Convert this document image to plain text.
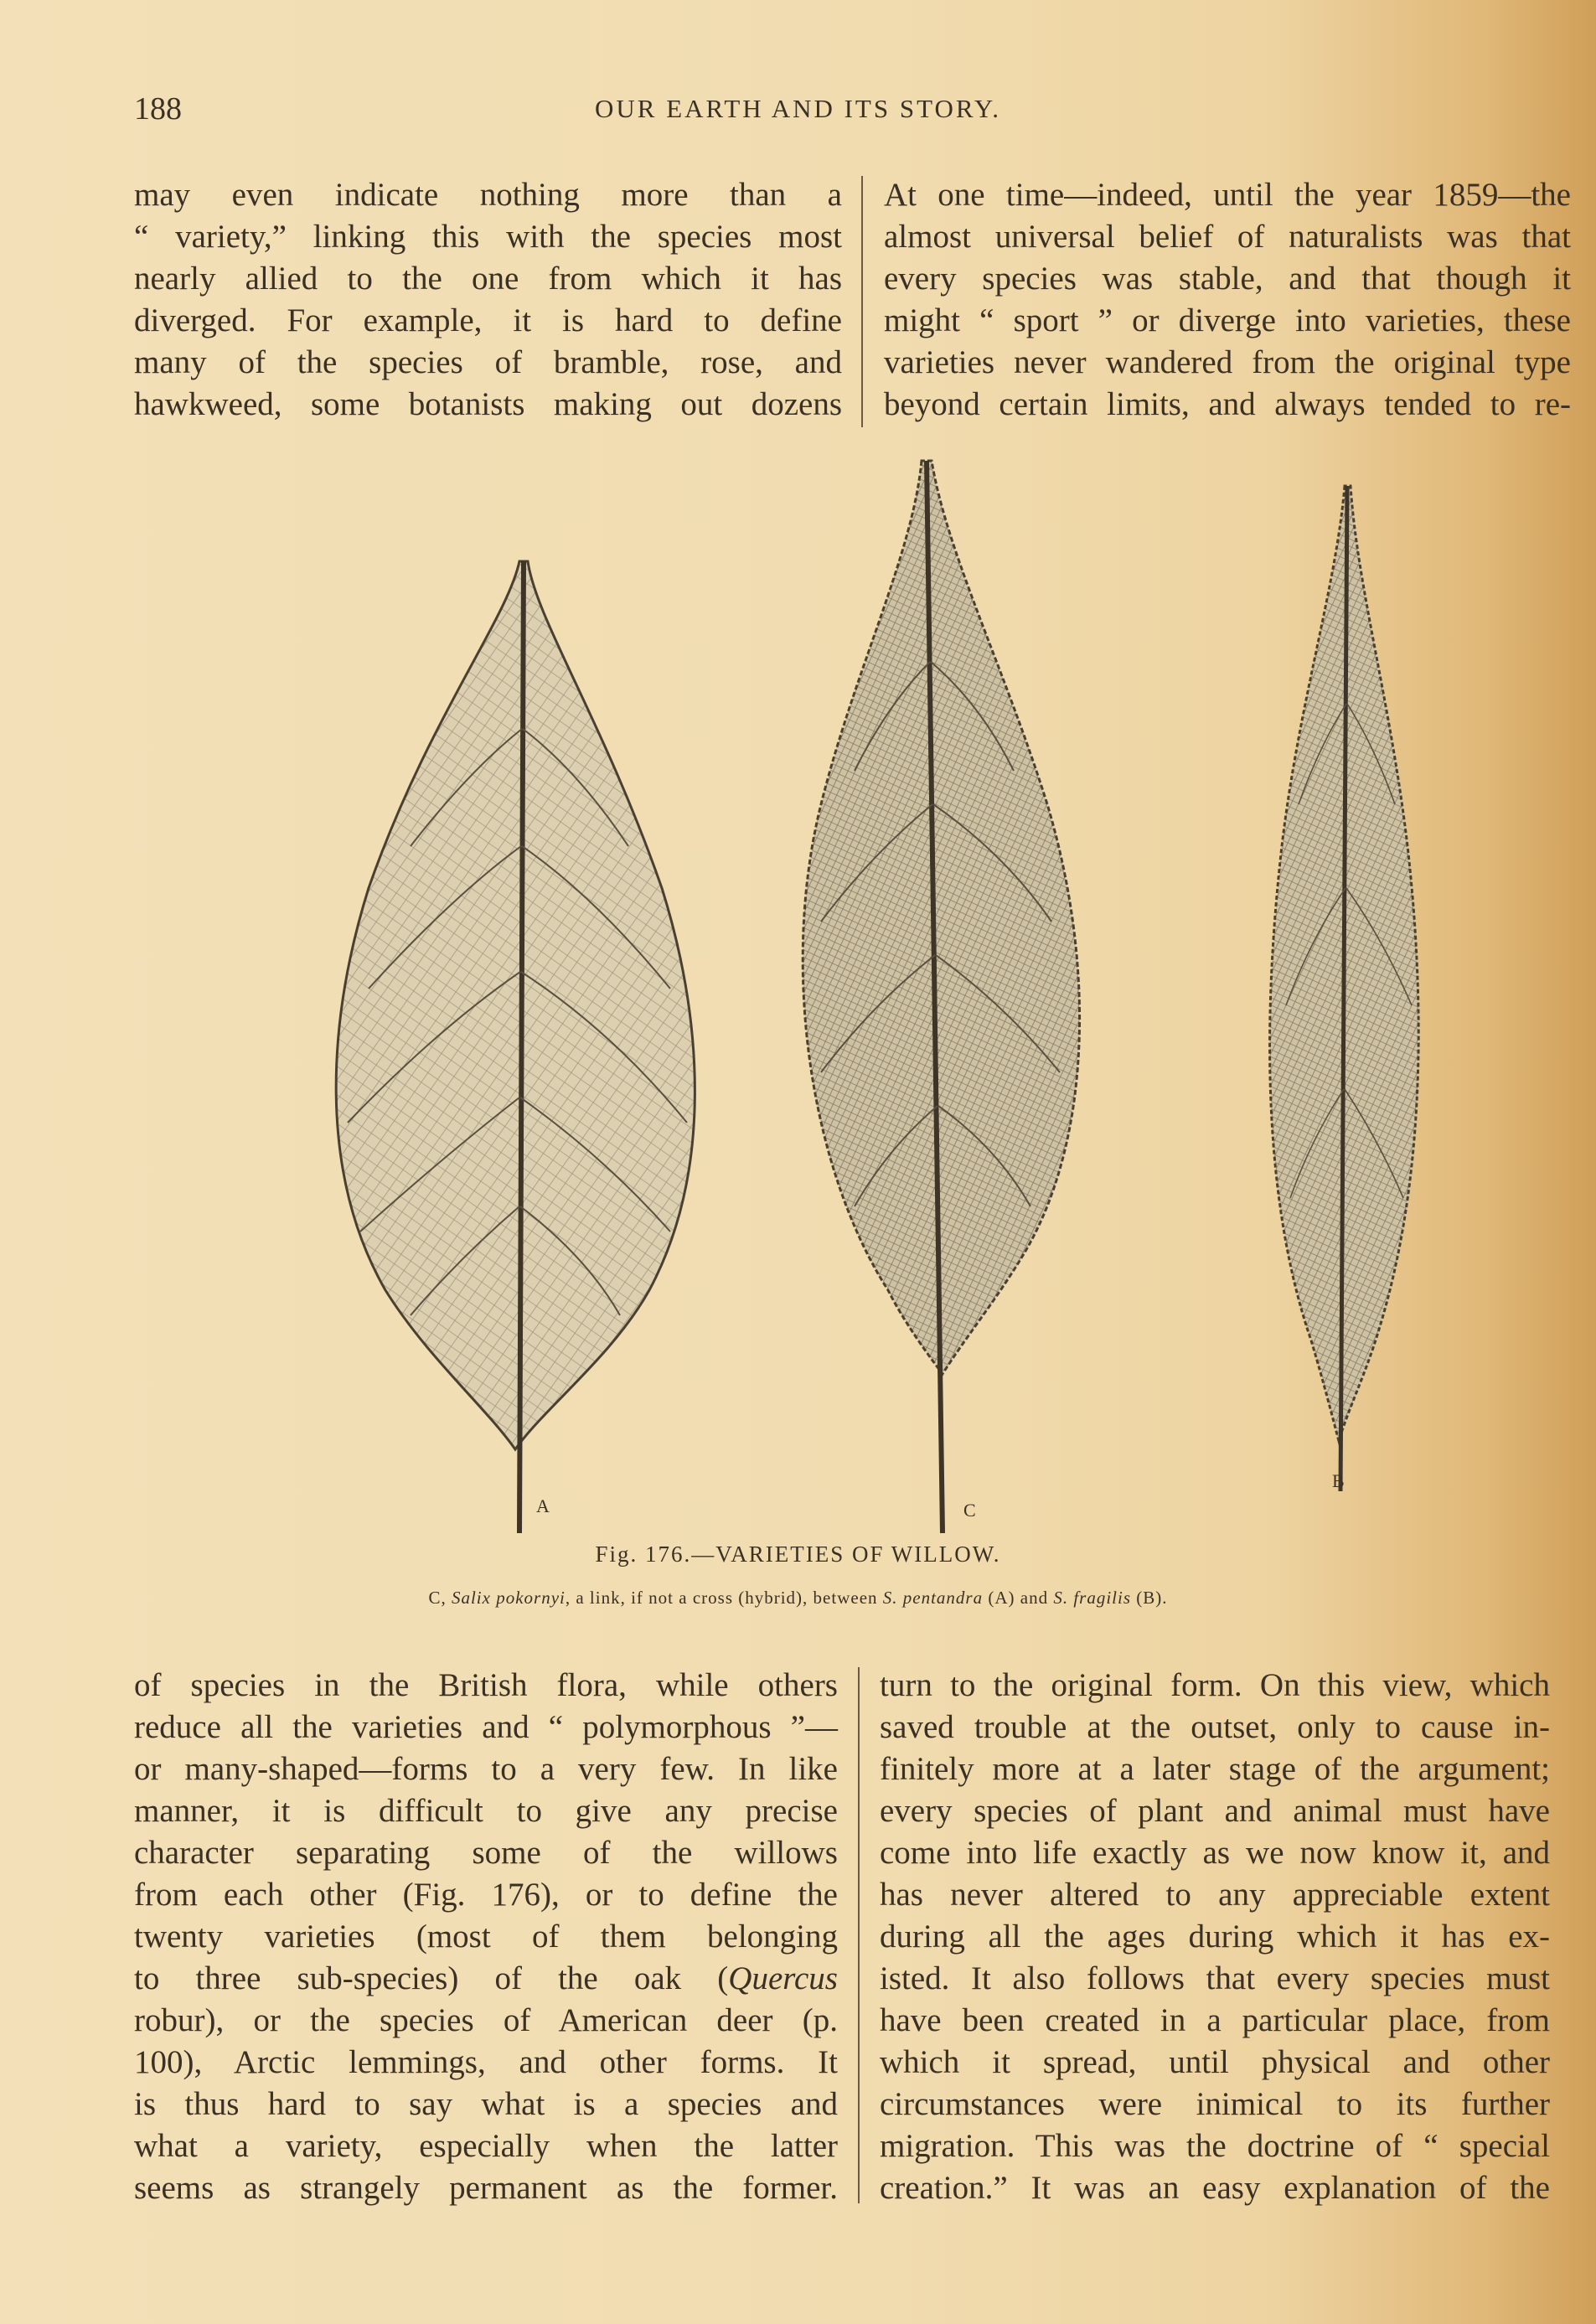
188	OUR EARTH AND ITS STORY.
may even indicate nothing more than a
“ variety,” linking this with the species most
nearly allied to the one from which it has
diverged. For example, it is hard to define
many of the species of bramble, rose, and
hawkweed, some botanists making out dozens
At one time—indeed, until the year 1859—the
almost universal belief of naturalists was that
every species was stable, and that though it
might “ sport ” or diverge into varieties, these
varieties never wandered from the original type
beyond certain limits, and always tended to re-
A	C
B
Fig. 176.—VARIETIES OF WILLOW.
C, Salix pokornyi, a link, if not a cross (hybrid), between S. pentandra (A) and S. fragilis (B).
of species in the British flora, while others
reduce all the varieties and “ polymorphous ”—
or many-shaped—forms to a very few. In like
manner, it is difficult to give any precise
character separating some of the willows
from each other (Fig. 176), or to define the
twenty varieties (most of them belonging
to three sub-species) of the oak (Quercus
robur), or the species of American deer (p.
100), Arctic lemmings, and other forms. It
is thus hard to say what is a species and
what a variety, especially when the latter
seems as strangely permanent as the former.
turn to the original form. On this view, which
saved trouble at the outset, only to cause in-
finitely more at a later stage of the argument;
every species of plant and animal must have
come into life exactly as we now know it, and
has never altered to any appreciable extent
during all the ages during which it has ex-
isted. It also follows that every species must
have been created in a particular place, from
which it spread, until physical and other
circumstances were inimical to its further
migration. This was the doctrine of “ special
creation.” It was an easy explanation of the
